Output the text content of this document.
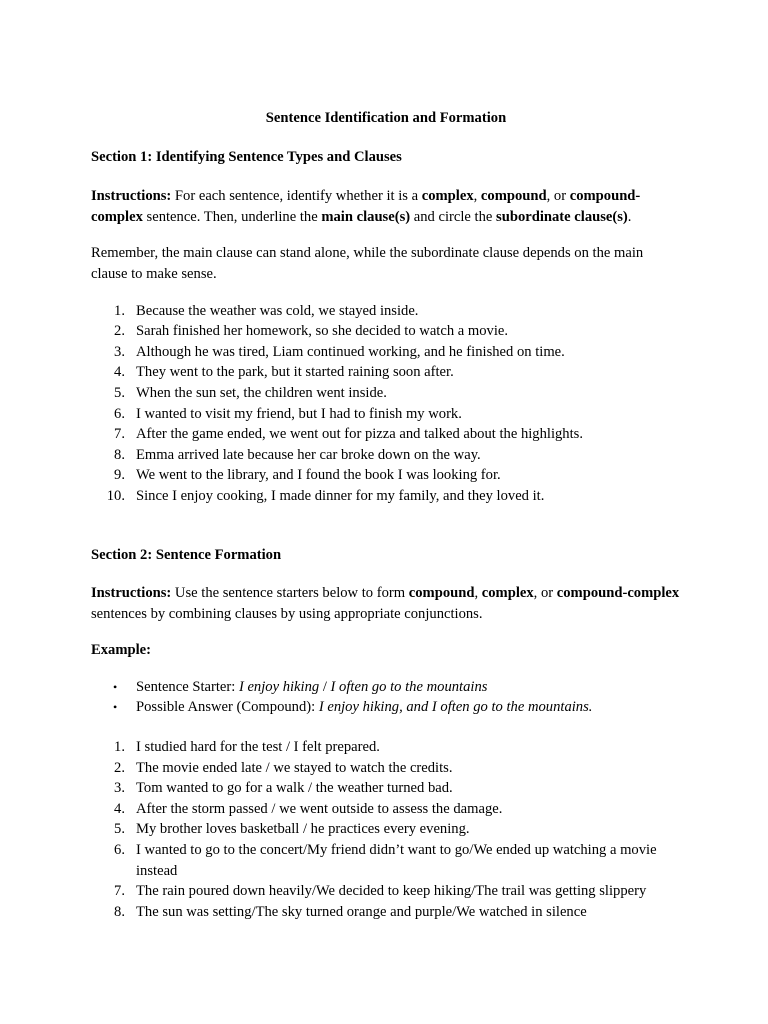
Sentence Identification and Formation

Section 1: Identifying Sentence Types and Clauses

Instructions: For each sentence, identify whether it is a complex, compound, or compound-complex sentence. Then, underline the main clause(s) and circle the subordinate clause(s).

Remember, the main clause can stand alone, while the subordinate clause depends on the main clause to make sense.

1. Because the weather was cold, we stayed inside.
2. Sarah finished her homework, so she decided to watch a movie.
3. Although he was tired, Liam continued working, and he finished on time.
4. They went to the park, but it started raining soon after.
5. When the sun set, the children went inside.
6. I wanted to visit my friend, but I had to finish my work.
7. After the game ended, we went out for pizza and talked about the highlights.
8. Emma arrived late because her car broke down on the way.
9. We went to the library, and I found the book I was looking for.
10. Since I enjoy cooking, I made dinner for my family, and they loved it.

Section 2: Sentence Formation

Instructions: Use the sentence starters below to form compound, complex, or compound-complex sentences by combining clauses by using appropriate conjunctions.

Example:

• Sentence Starter: I enjoy hiking / I often go to the mountains
• Possible Answer (Compound): I enjoy hiking, and I often go to the mountains.
1. I studied hard for the test / I felt prepared.
2. The movie ended late / we stayed to watch the credits.
3. Tom wanted to go for a walk / the weather turned bad.
4. After the storm passed / we went outside to assess the damage.
5. My brother loves basketball / he practices every evening.
6. I wanted to go to the concert/My friend didn’t want to go/We ended up watching a movie instead
7. The rain poured down heavily/We decided to keep hiking/The trail was getting slippery
8. The sun was setting/The sky turned orange and purple/We watched in silence
